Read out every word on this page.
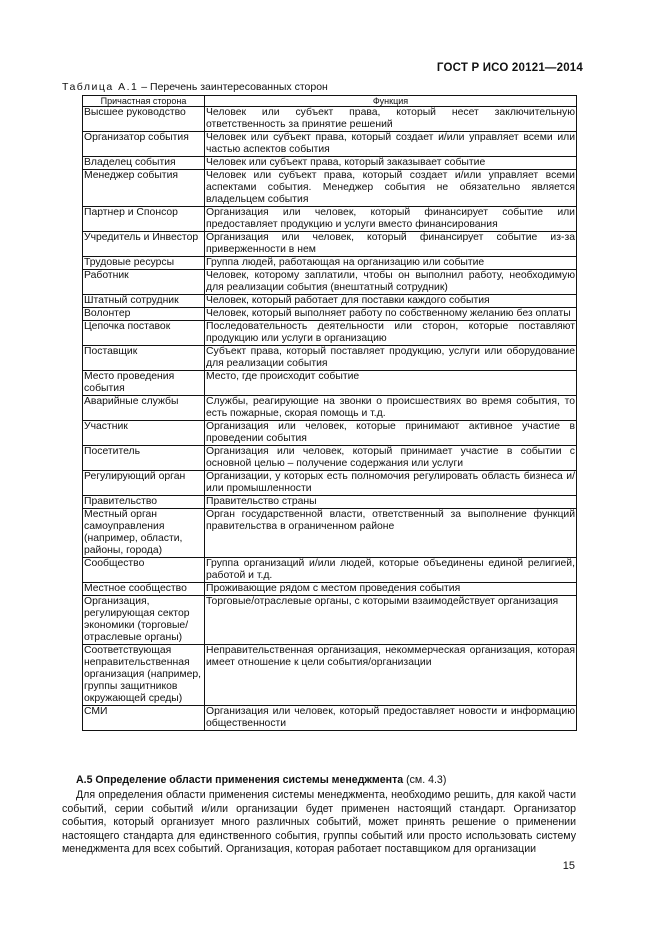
ГОСТ Р ИСО 20121—2014
Таблица А.1 – Перечень заинтересованных сторон
Причастная сторона	Функция
Высшее руководство	Человек или субъект права, который несет заключительную ответственность за принятие решений
Организатор события	Человек или субъект права, который создает и/или управляет всеми или частью аспектов события
Владелец события	Человек или субъект права, который заказывает событие
Менеджер события	Человек или субъект права, который создает и/или управляет всеми аспектами события. Менеджер события не обязательно является владельцем события
Партнер и Спонсор	Организация или человек, который финансирует событие или предоставляет продукцию и услуги вместо финансирования
Учредитель и Инвестор	Организация или человек, который финансирует событие из-за приверженности в нем
Трудовые ресурсы	Группа людей, работающая на организацию или событие
Работник	Человек, которому заплатили, чтобы он выполнил работу, необходимую для реализации события (внештатный сотрудник)
Штатный сотрудник	Человек, который работает для поставки каждого события
Волонтер	Человек, который выполняет работу по собственному желанию без оплаты
Цепочка поставок	Последовательность деятельности или сторон, которые поставляют продукцию или услуги в организацию
Поставщик	Субъект права, который поставляет продукцию, услуги или оборудование для реализации события
Место проведения события	Место, где происходит событие
Аварийные службы	Службы, реагирующие на звонки о происшествиях во время события, то есть пожарные, скорая помощь и т.д.
Участник	Организация или человек, которые принимают активное участие в проведении события
Посетитель	Организация или человек, который принимает участие в событии с основной целью – получение содержания или услуги
Регулирующий орган	Организации, у которых есть полномочия регулировать область бизнеса и/или промышленности
Правительство	Правительство страны
Местный орган самоуправления (например, области, районы, города)	Орган государственной власти, ответственный за выполнение функций правительства в ограниченном районе
Сообщество	Группа организаций и/или людей, которые объединены единой религией, работой и т.д.
Местное сообщество	Проживающие рядом с местом проведения события
Организация, регулирующая сектор экономики (торговые/отраслевые органы)	Торговые/отраслевые органы, с которыми взаимодействует организация
Соответствующая неправительственная организация (например, группы защитников окружающей среды)	Неправительственная организация, некоммерческая организация, которая имеет отношение к цели события/организации
СМИ	Организация или человек, который предоставляет новости и информацию общественности
А.5 Определение области применения системы менеджмента (см. 4.3)

Для определения области применения системы менеджмента, необходимо решить, для какой части событий, серии событий и/или организации будет применен настоящий стандарт. Организатор события, который организует много различных событий, может принять решение о применении настоящего стандарта для единственного события, группы событий или просто использовать систему менеджмента для всех событий. Организация, которая работает поставщиком для организации

15
